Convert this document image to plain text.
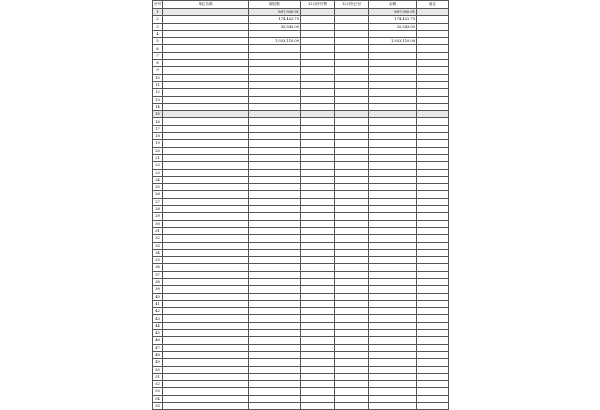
序号	单位名称	期初数	12月份开票	12月份已付	余额	备注
1		897,950.91			897,950.91	
2		174,452.75			174,452.75	
3		35,543.00			35,543.00	
4						
5		1,933,110.00			1,933,110.00	
6						
7						
8						
9						
10						
11						
12						
13						
14						
15						
16						
17						
18						
19						
20						
21						
22						
23						
24						
25						
26						
27						
28						
29						
30						
31						
32						
33						
34						
35						
36						
37						
38						
39						
40						
41						
42						
43						
44						
45						
46						
47						
48						
49						
50						
51						
52						
53						
54						
55						
